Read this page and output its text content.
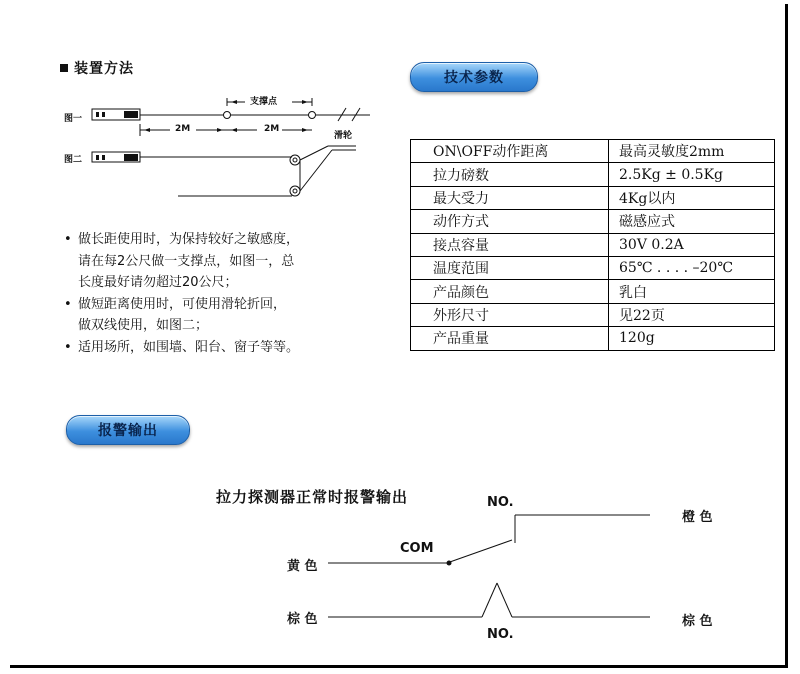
装置方法
图一
图二
支撑点
滑轮
2M	2M
• 做长距使用时，为保持较好之敏感度，
请在每2公尺做一支撑点，如图一，总
长度最好请勿超过20公尺；
• 做短距离使用时，可使用滑轮折回，
做双线使用，如图二；
• 适用场所，如围墙、阳台、窗子等等。
技术参数
ON\OFF动作距离	最高灵敏度2mm
拉力磅数	2.5Kg ± 0.5Kg
最大受力	4Kg以内
动作方式	磁感应式
接点容量	30V 0.2A
温度范围	65℃ . . . . –20℃
产品颜色	乳白
外形尺寸	见22页
产品重量	120g
报警输出
拉力探测器正常时报警输出	NO.
COM
NO.
黄 色
棕 色
橙 色
棕 色
